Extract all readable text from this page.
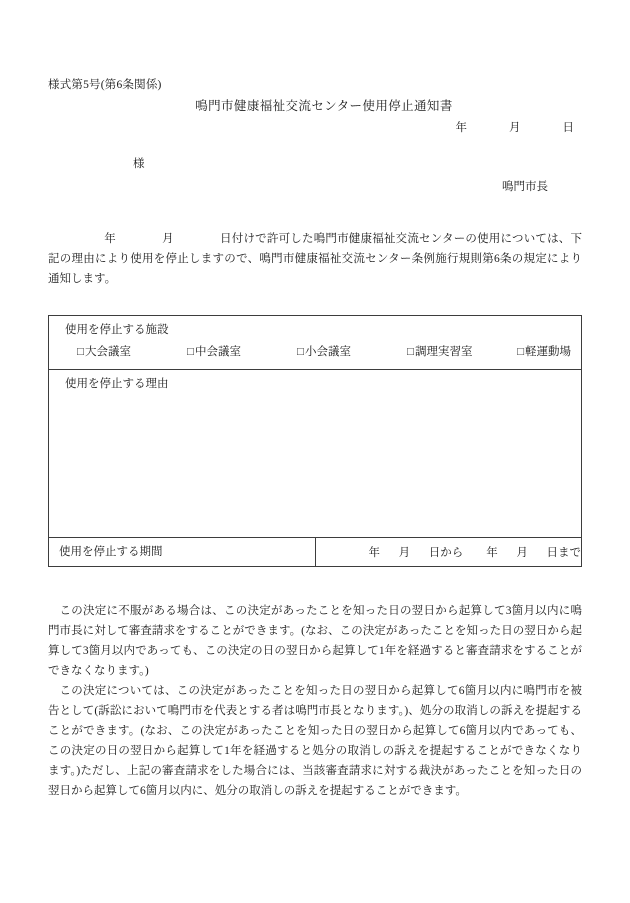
様式第5号(第6条関係)
鳴門市健康福祉交流センター使用停止通知書
年	月	日
様
鳴門市長
年	月	日付けで許可した鳴門市健康福祉交流センターの使用については、下記の理由により使用を停止しますので、鳴門市健康福祉交流センター条例施行規則第6条の規定により通知します。
使用を停止する施設
□大会議室	□中会議室	□小会議室	□調理実習室	□軽運動場

使用を停止する理由

使用を停止する期間	年 月 日から 年 月 日まで

この決定に不服がある場合は、この決定があったことを知った日の翌日から起算して3箇月以内に鳴門市長に対して審査請求をすることができます。(なお、この決定があったことを知った日の翌日から起算して3箇月以内であっても、この決定の日の翌日から起算して1年を経過すると審査請求をすることができなくなります。)

この決定については、この決定があったことを知った日の翌日から起算して6箇月以内に鳴門市を被告として(訴訟において鳴門市を代表とする者は鳴門市長となります。)、処分の取消しの訴えを提起することができます。(なお、この決定があったことを知った日の翌日から起算して6箇月以内であっても、この決定の日の翌日から起算して1年を経過すると処分の取消しの訴えを提起することができなくなります。)ただし、上記の審査請求をした場合には、当該審査請求に対する裁決があったことを知った日の翌日から起算して6箇月以内に、処分の取消しの訴えを提起することができます。
